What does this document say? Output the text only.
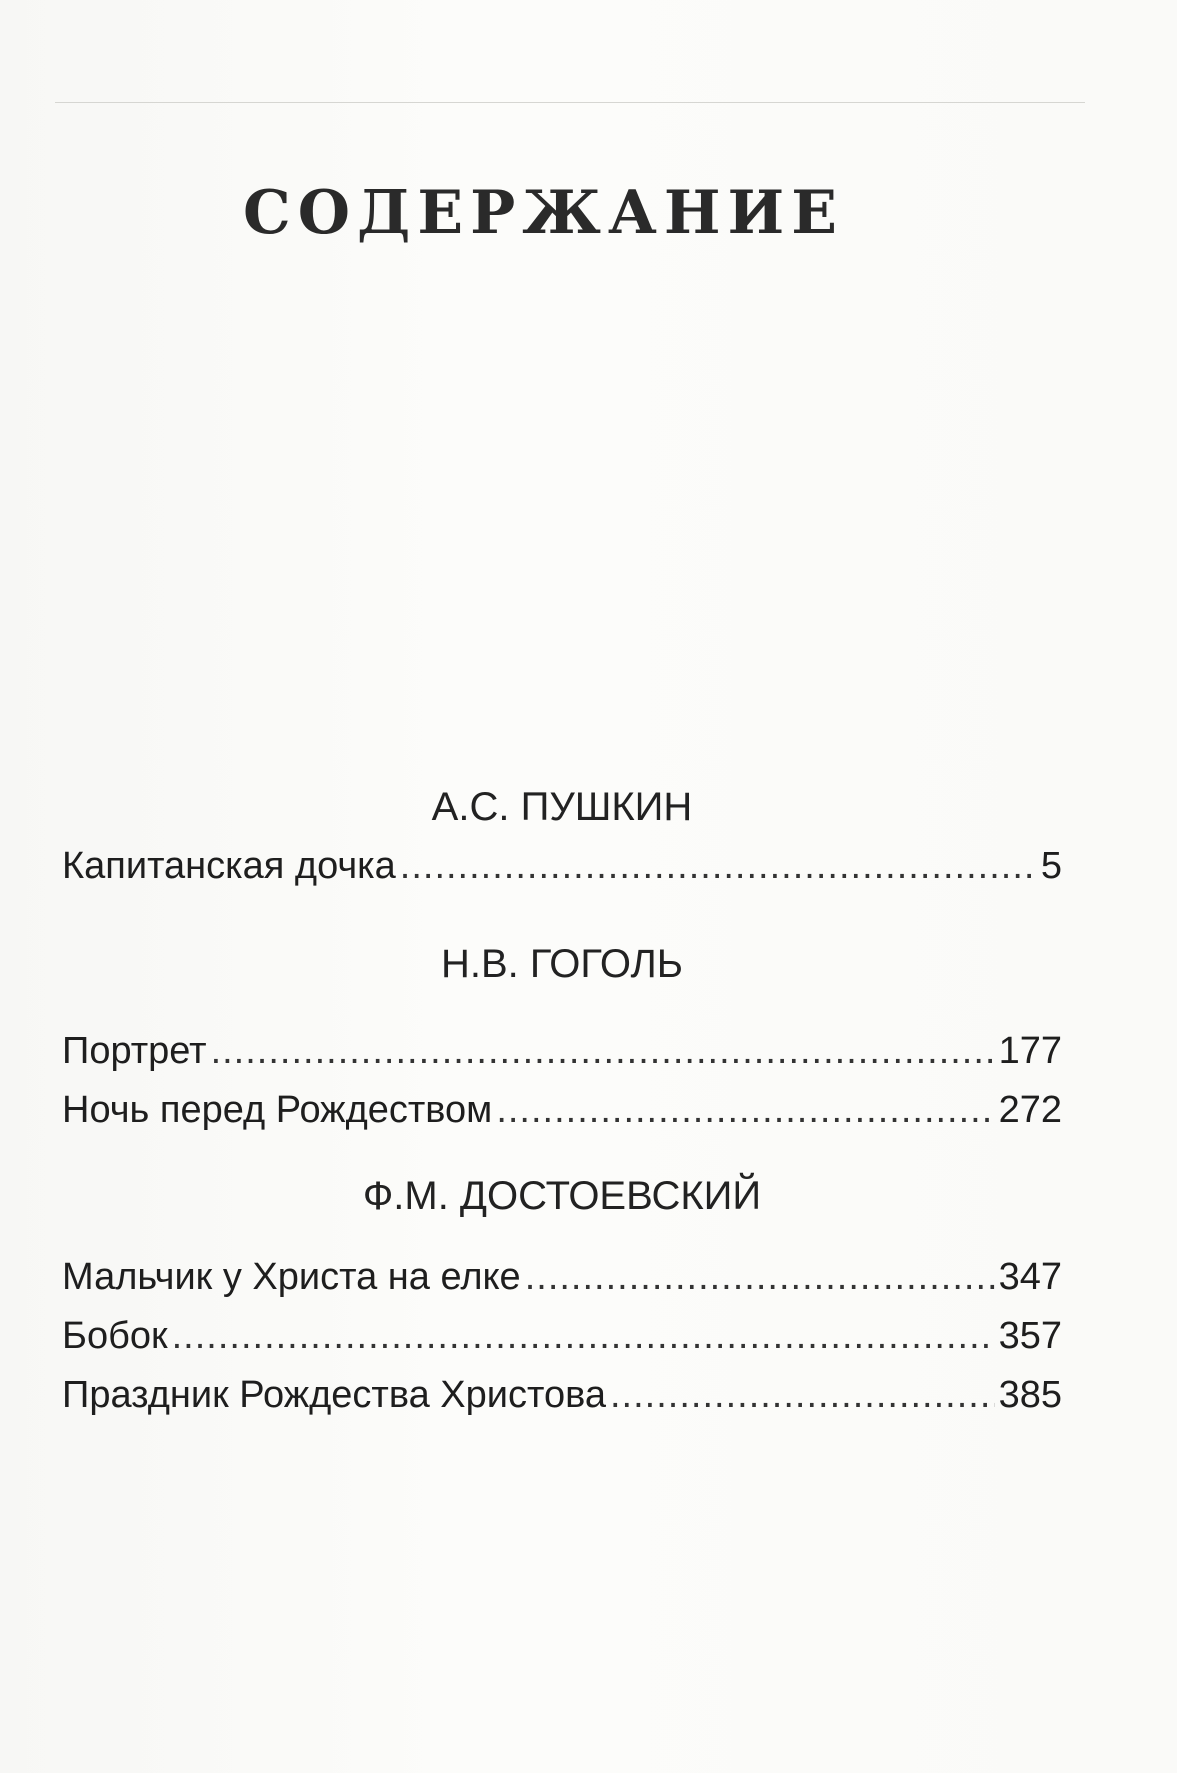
СОДЕРЖАНИЕ
А.С. ПУШКИН
Капитанская дочка .....	5
Н.В. ГОГОЛЬ
Портрет .....	177
Ночь перед Рождеством .....	272
Ф.М. ДОСТОЕВСКИЙ
Мальчик у Христа на елке .....	347
Бобок .....	357
Праздник Рождества Христова .....	385
